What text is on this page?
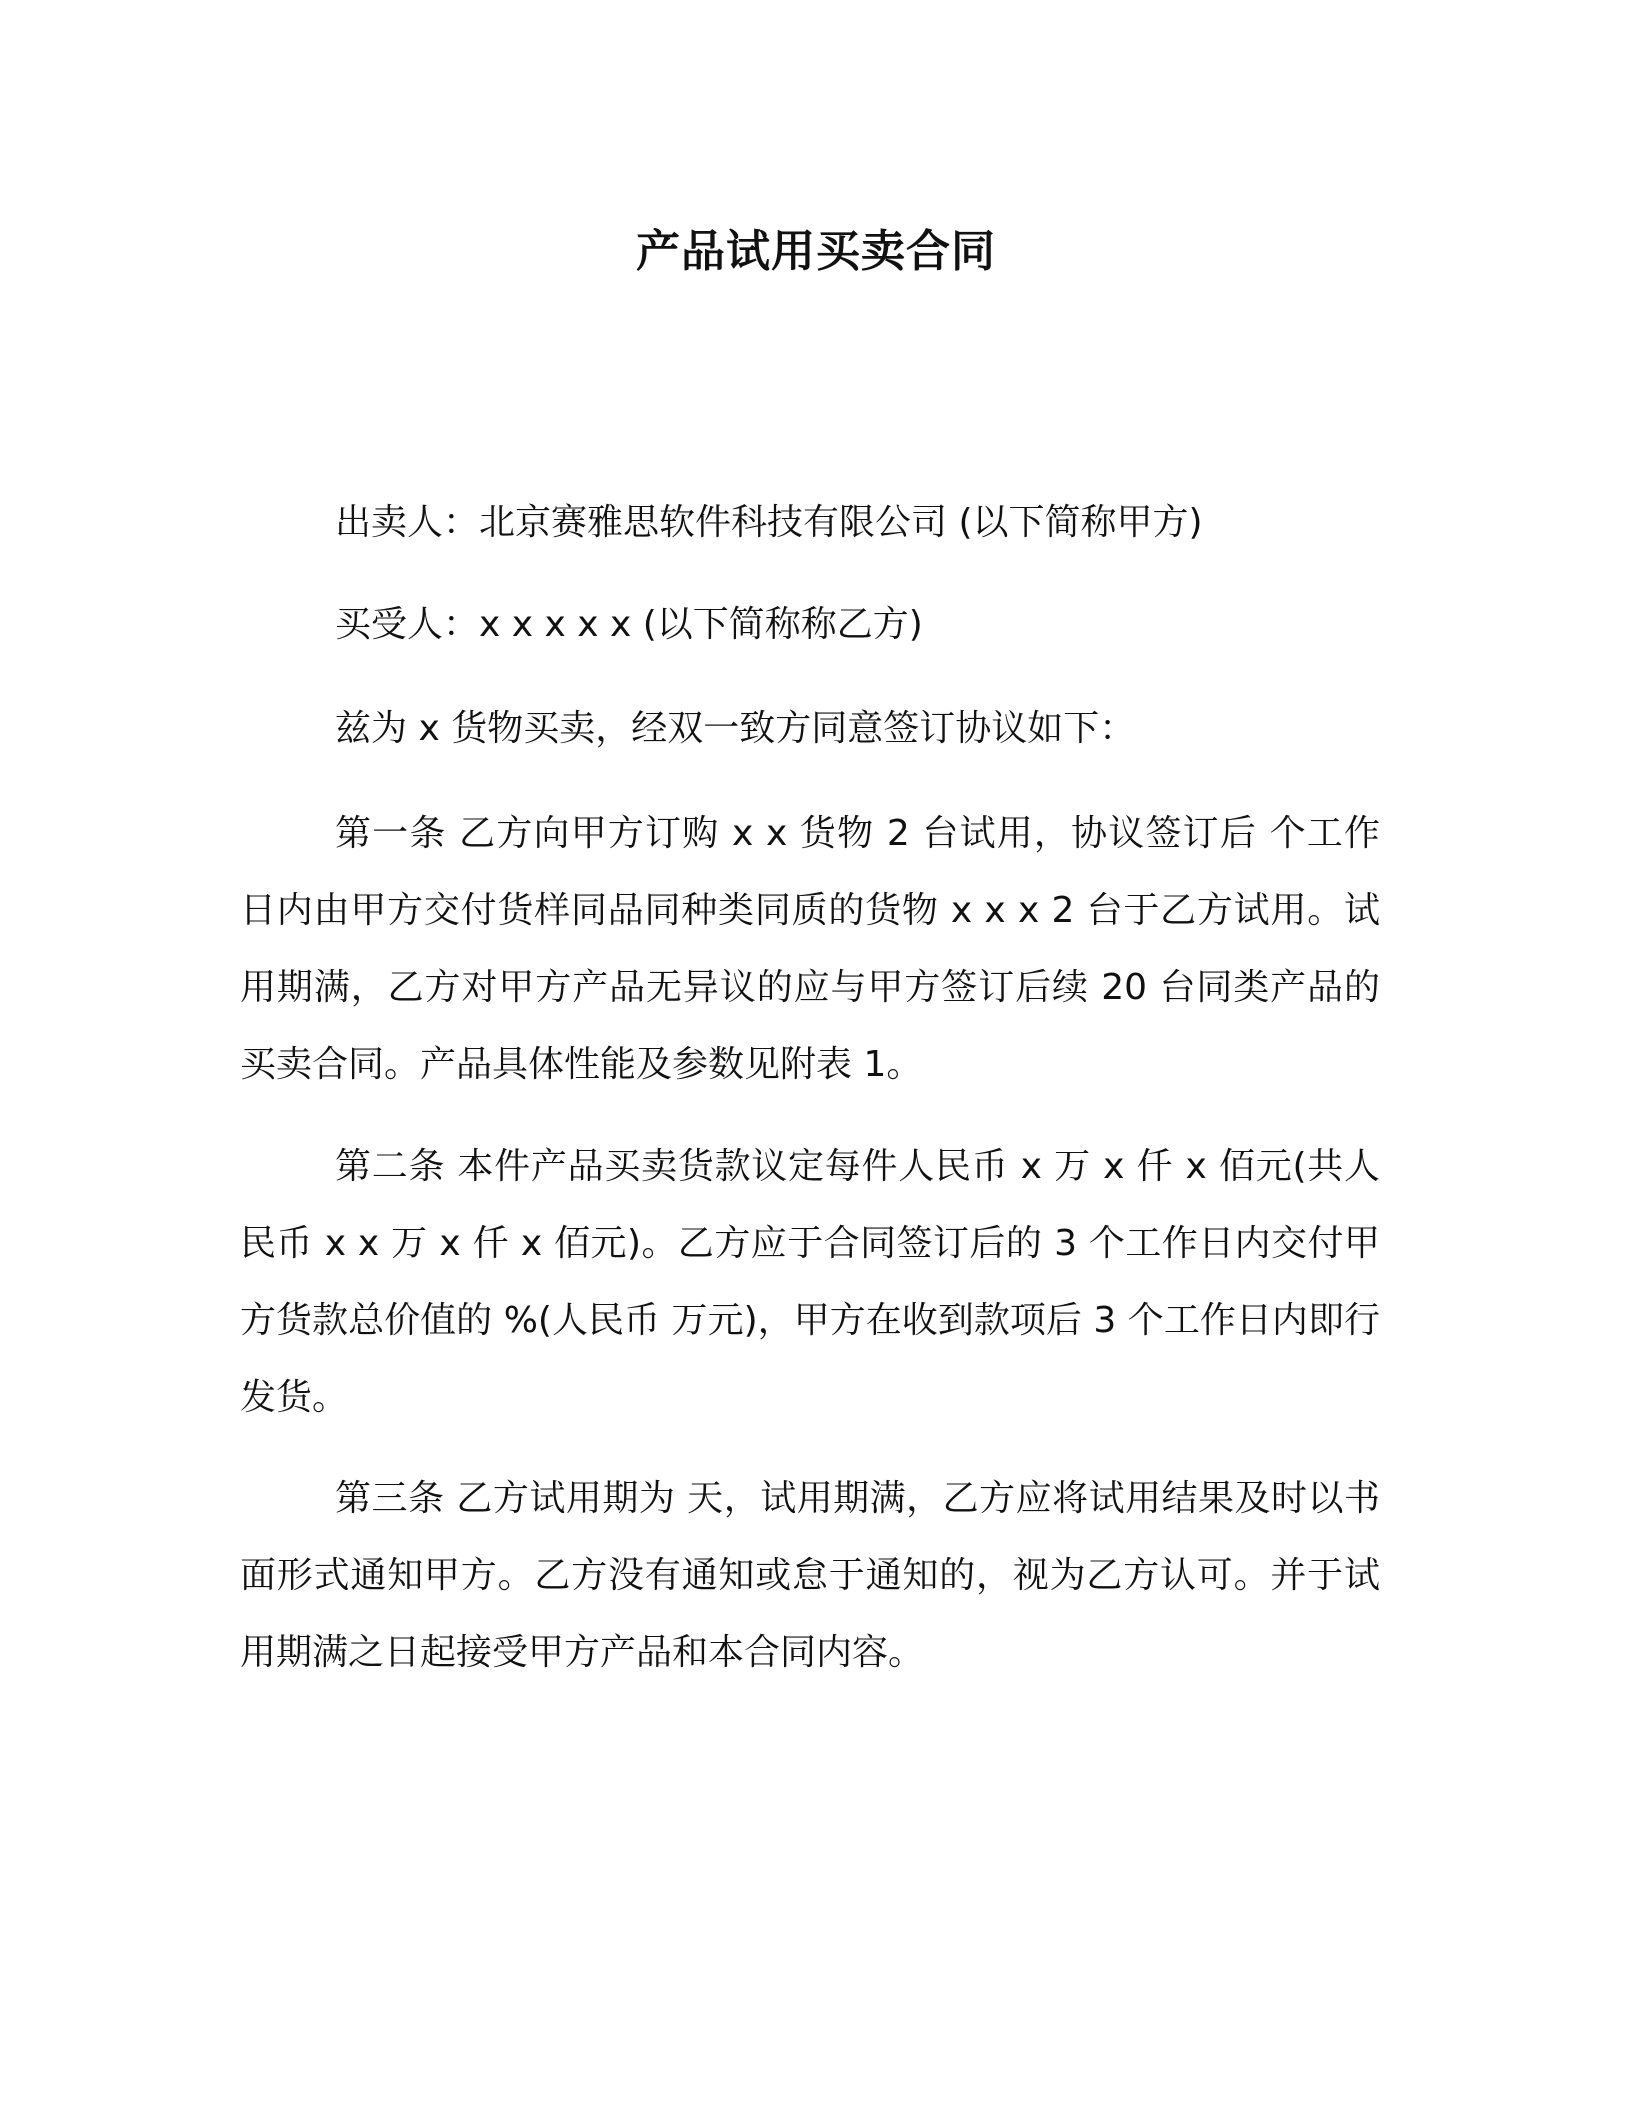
产品试用买卖合同
出卖人：北京赛雅思软件科技有限公司 (以下简称甲方)
买受人：x x x x x (以下简称称乙方)
兹为 x 货物买卖，经双一致方同意签订协议如下：
第一条 乙方向甲方订购 x x 货物 2 台试用，协议签订后 个工作日内由甲方交付货样同品同种类同质的货物 x x x 2 台于乙方试用。试用期满，乙方对甲方产品无异议的应与甲方签订后续 20 台同类产品的买卖合同。产品具体性能及参数见附表 1。
第二条 本件产品买卖货款议定每件人民币 x 万 x 仟 x 佰元(共人民币 x x 万 x 仟 x 佰元)。乙方应于合同签订后的 3 个工作日内交付甲方货款总价值的 %(人民币 万元)，甲方在收到款项后 3 个工作日内即行发货。
第三条 乙方试用期为 天，试用期满，乙方应将试用结果及时以书面形式通知甲方。乙方没有通知或怠于通知的，视为乙方认可。并于试用期满之日起接受甲方产品和本合同内容。
